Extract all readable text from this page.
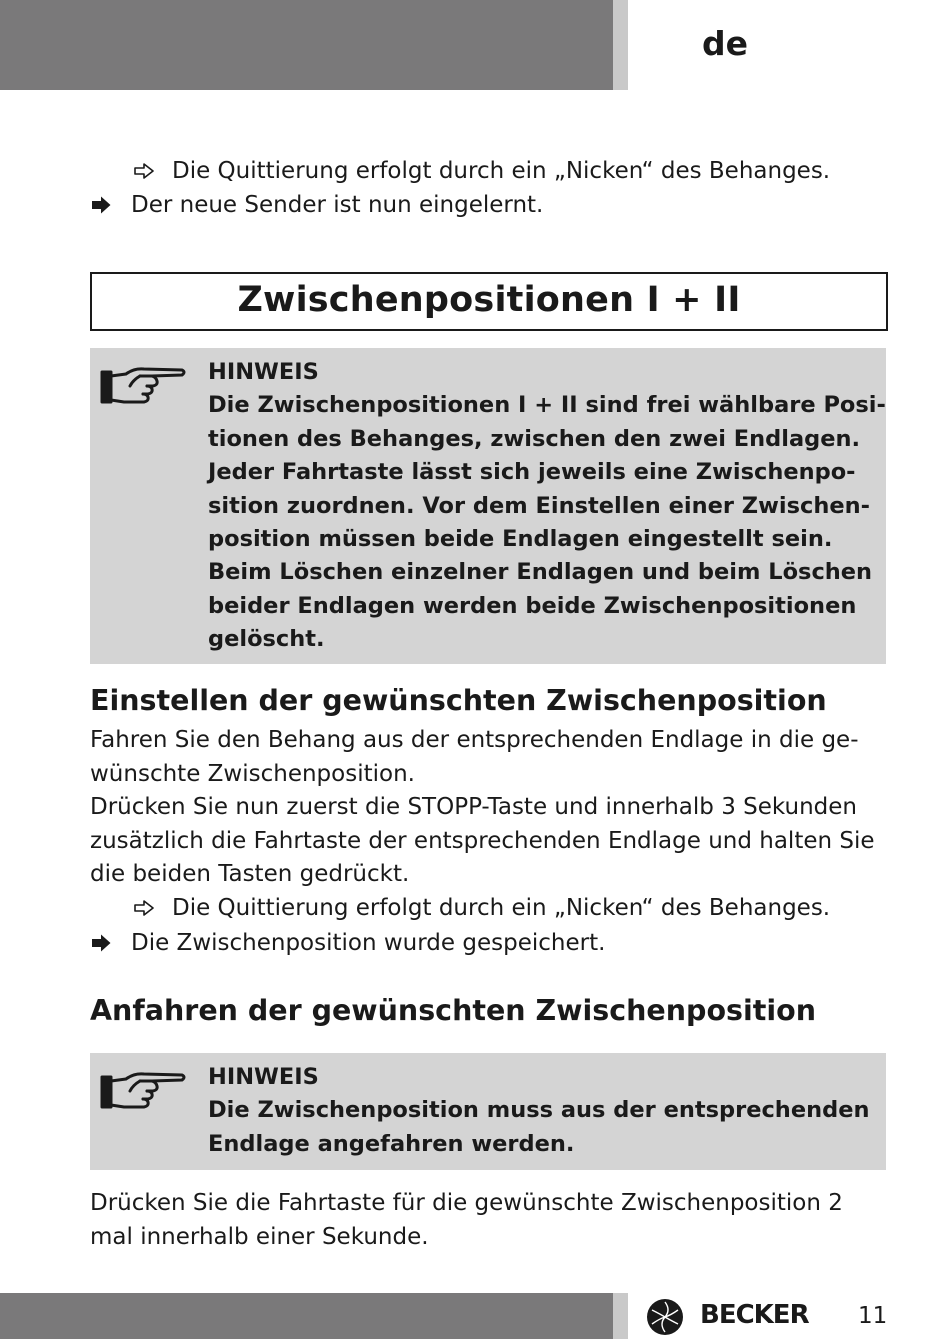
de
Die Quittierung erfolgt durch ein „Nicken“ des Behanges.
Der neue Sender ist nun eingelernt.
Zwischenpositionen I + II
HINWEIS
Die Zwischenpositionen I + II sind frei wählbare Posi-
tionen des Behanges, zwischen den zwei Endlagen.
Jeder Fahrtaste lässt sich jeweils eine Zwischenpo-
sition zuordnen. Vor dem Einstellen einer Zwischen-
position müssen beide Endlagen eingestellt sein.
Beim Löschen einzelner Endlagen und beim Löschen
beider Endlagen werden beide Zwischenpositionen
gelöscht.
Einstellen der gewünschten Zwischenposition
Fahren Sie den Behang aus der entsprechenden Endlage in die ge-
wünschte Zwischenposition.
Drücken Sie nun zuerst die STOPP-Taste und innerhalb 3 Sekunden
zusätzlich die Fahrtaste der entsprechenden Endlage und halten Sie
die beiden Tasten gedrückt.
Die Quittierung erfolgt durch ein „Nicken“ des Behanges.
Die Zwischenposition wurde gespeichert.
Anfahren der gewünschten Zwischenposition
HINWEIS
Die Zwischenposition muss aus der entsprechenden
Endlage angefahren werden.
Drücken Sie die Fahrtaste für die gewünschte Zwischenposition 2
mal innerhalb einer Sekunde.
BECKER 11
